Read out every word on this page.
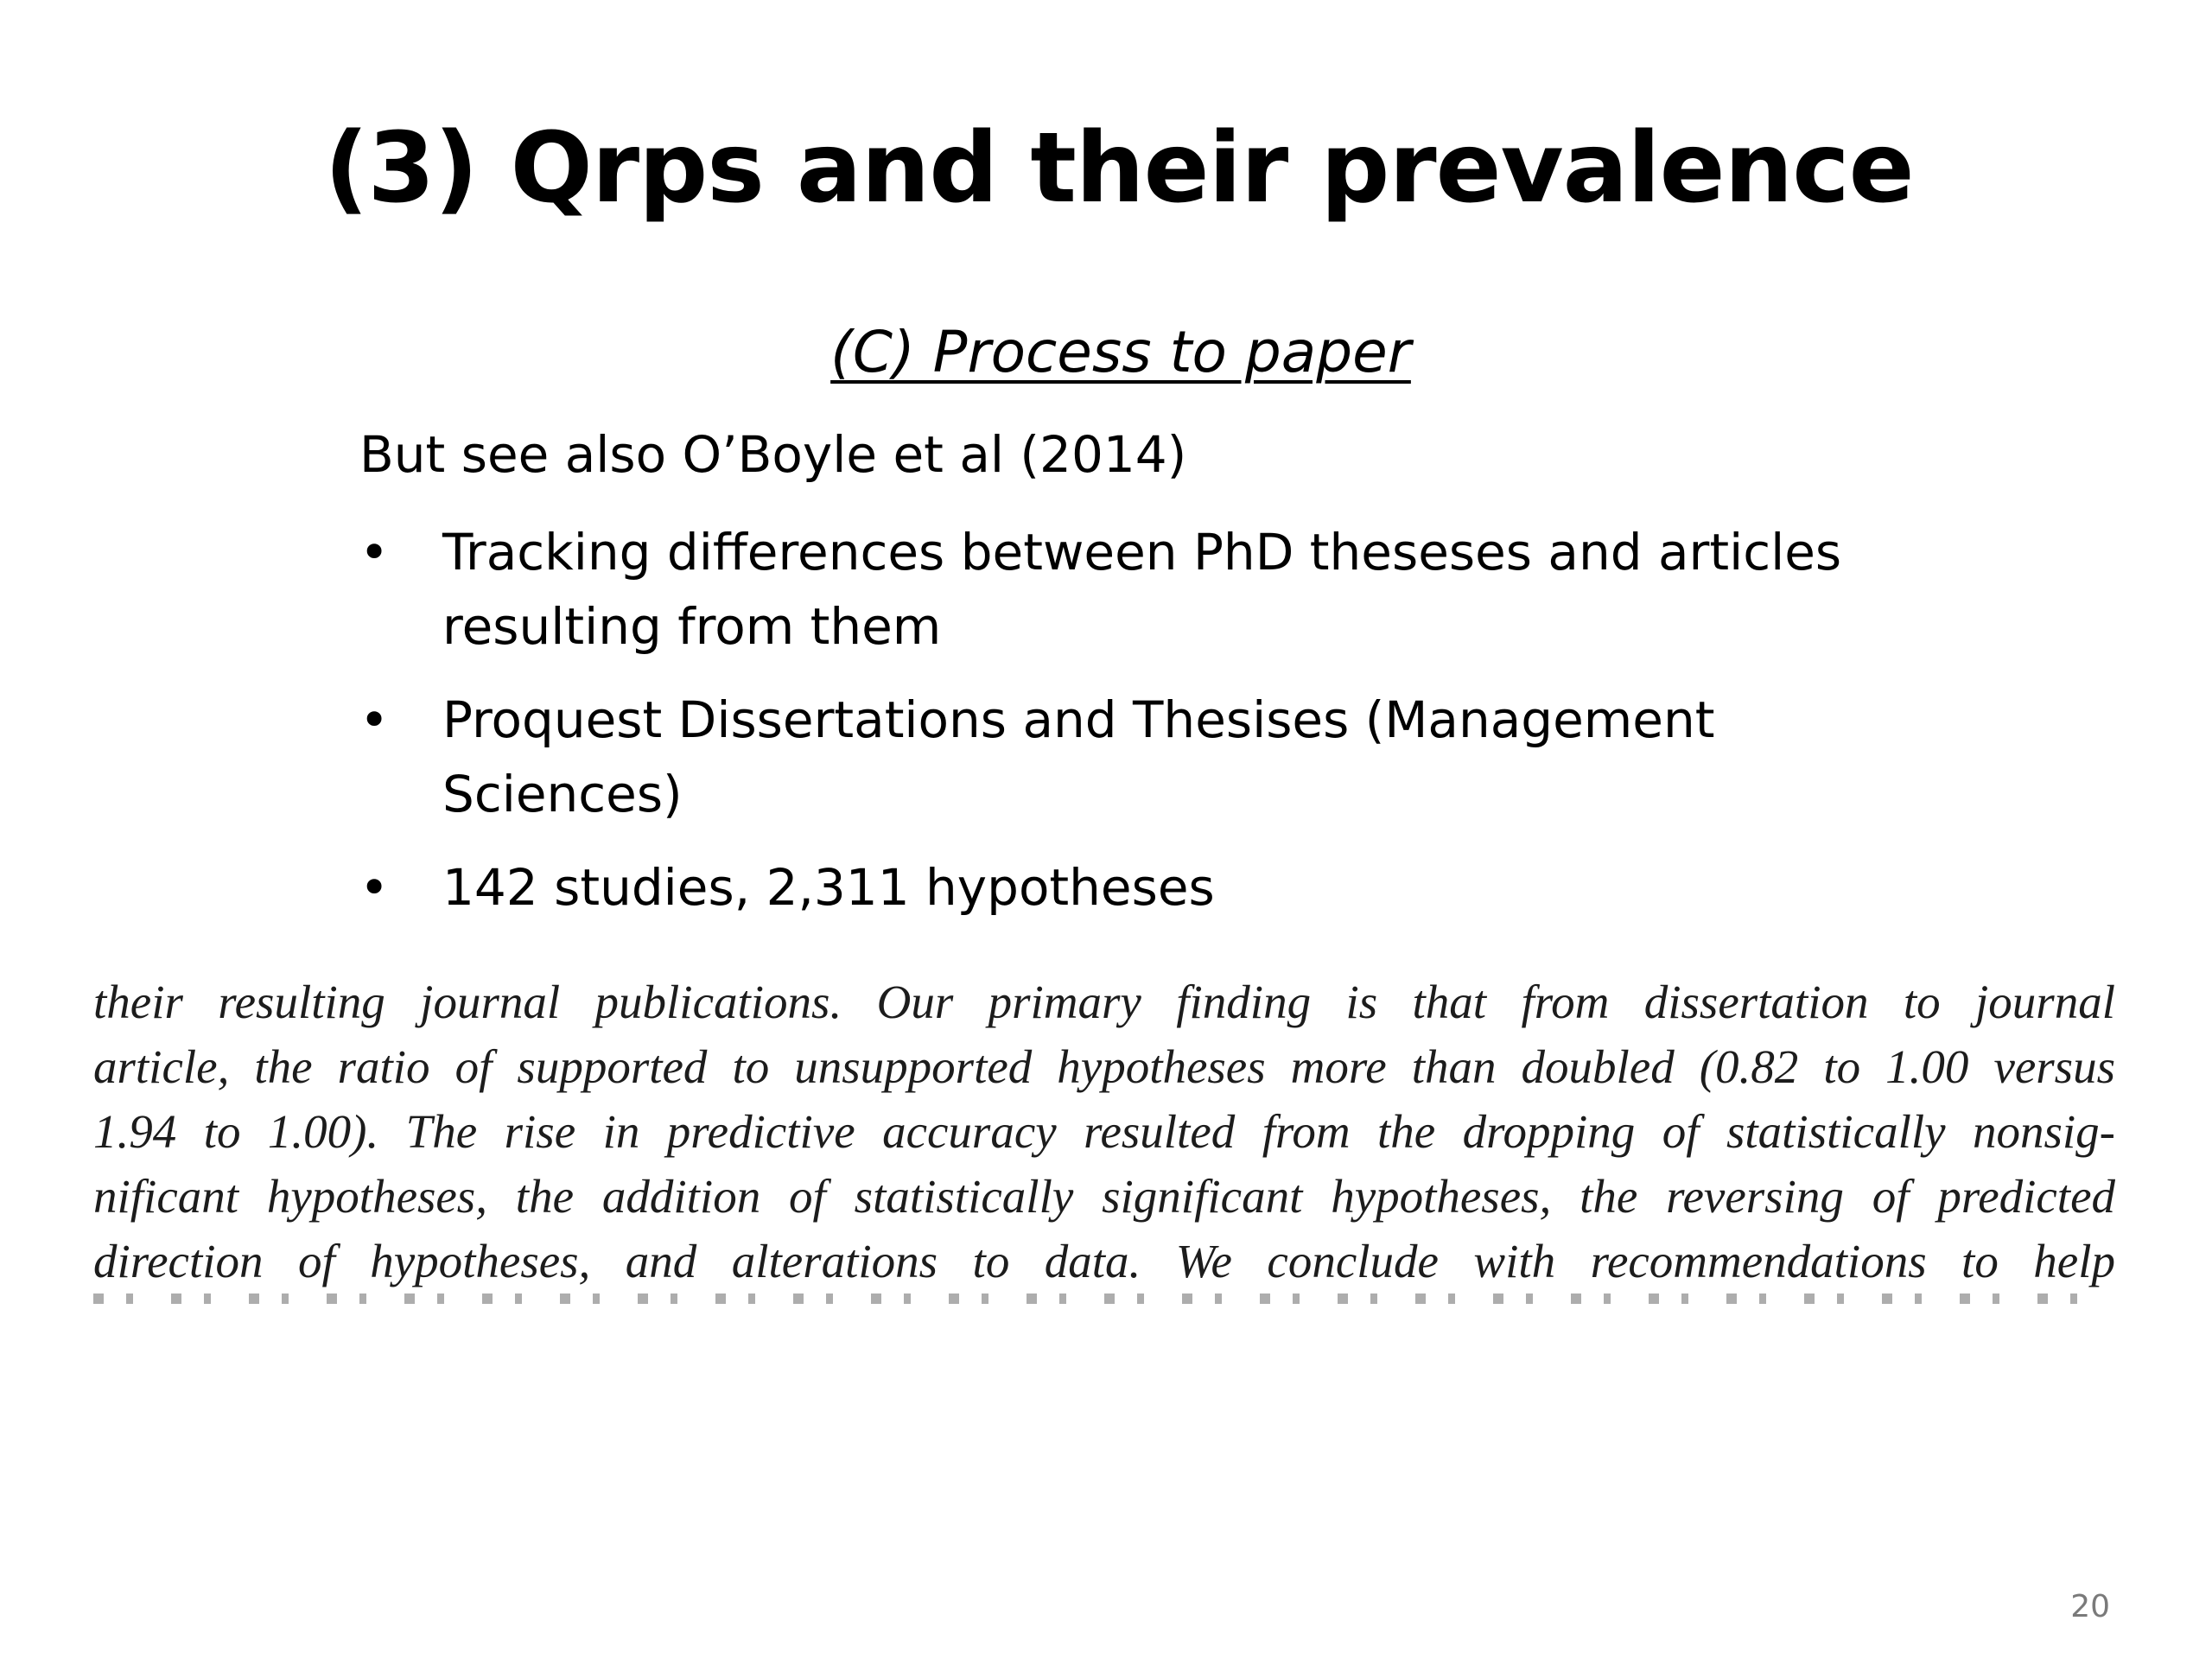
(3) Qrps and their prevalence
(C) Process to paper
But see also O’Boyle et al (2014)
• Tracking differences between PhD theseses and articles resulting from them
• Proquest Dissertations and Thesises (Management Sciences)
• 142 studies, 2,311 hypotheses
their resulting journal publications. Our primary finding is that from dissertation to journal
article, the ratio of supported to unsupported hypotheses more than doubled (0.82 to 1.00 versus
1.94 to 1.00). The rise in predictive accuracy resulted from the dropping of statistically nonsig-
nificant hypotheses, the addition of statistically significant hypotheses, the reversing of predicted
direction of hypotheses, and alterations to data. We conclude with recommendations to help
20
